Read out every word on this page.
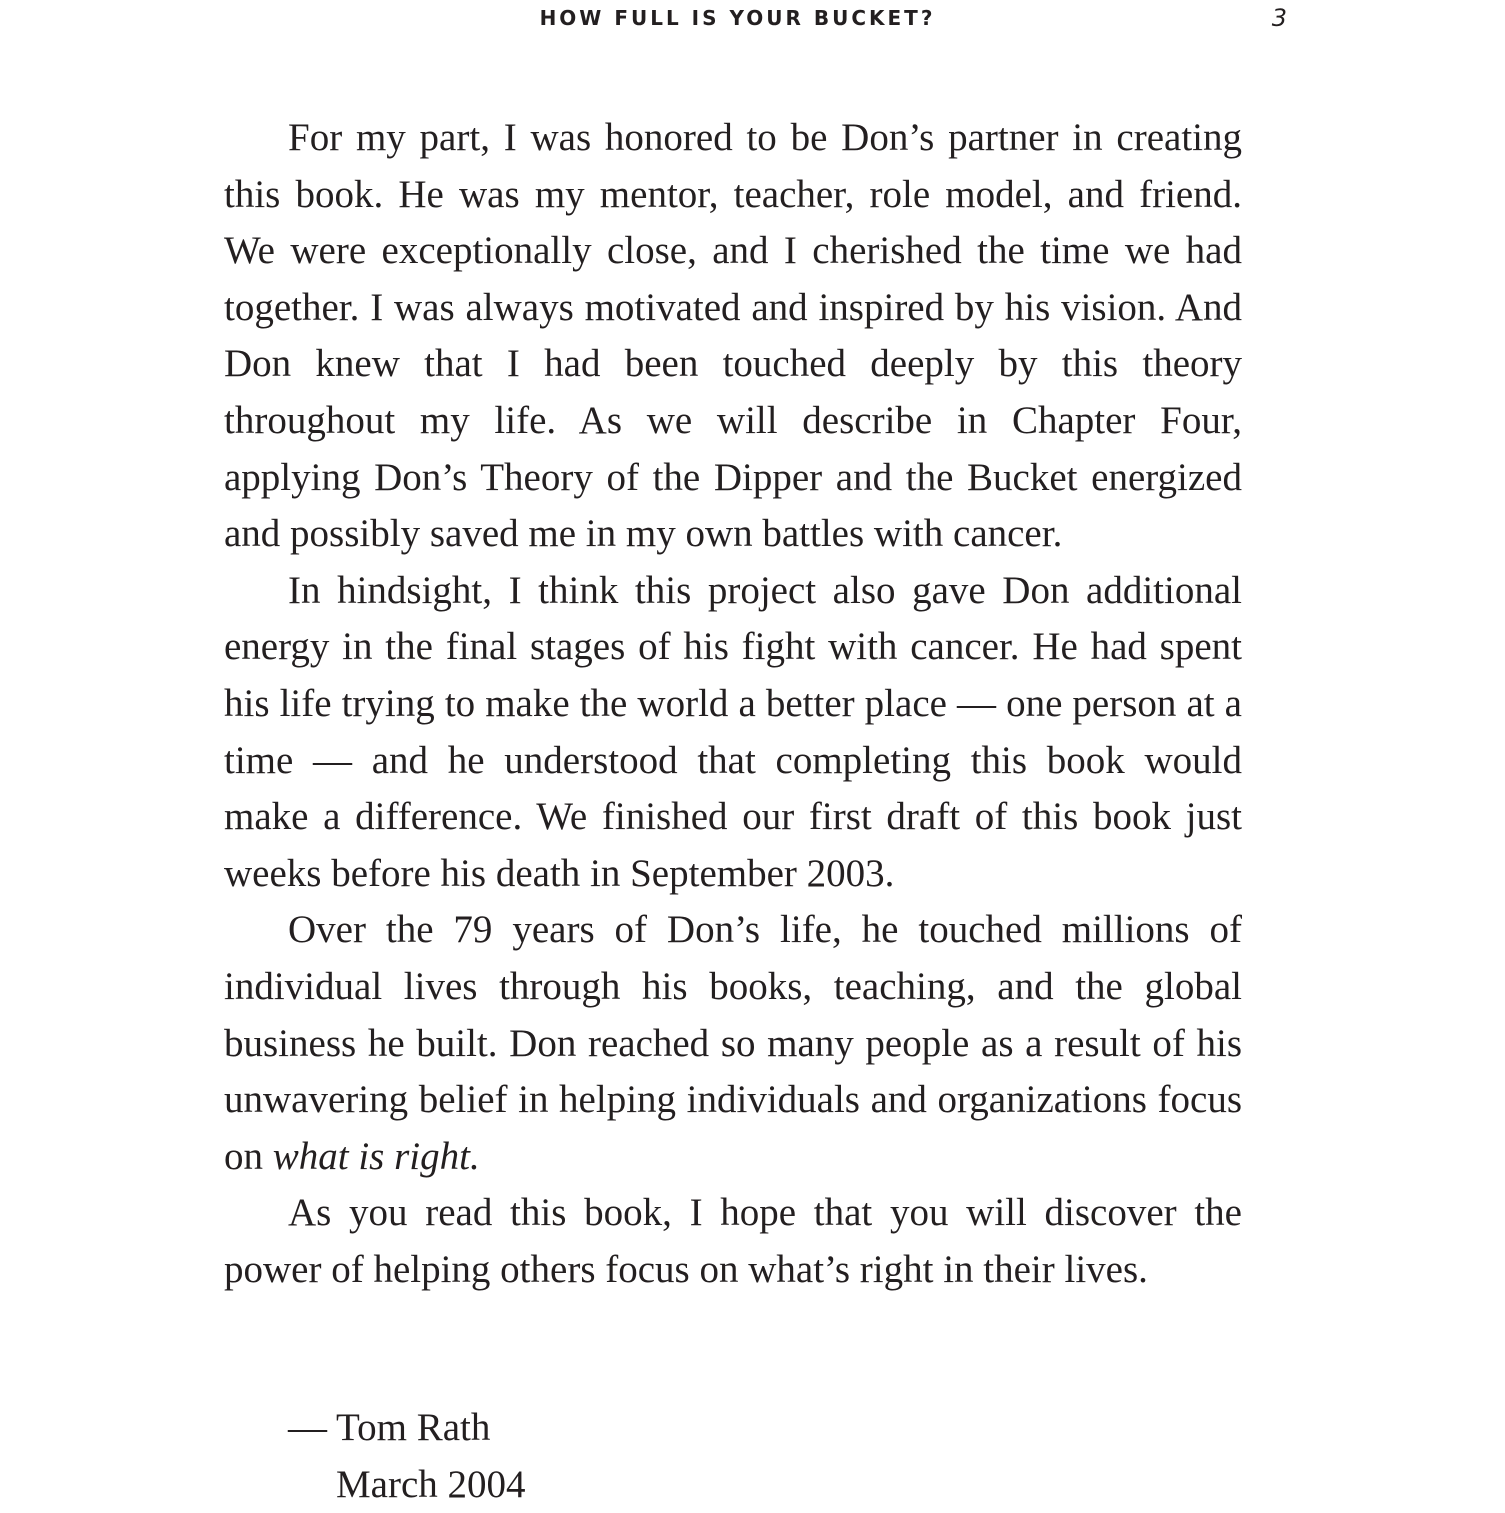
HOW FULL IS YOUR BUCKET?	3

For my part, I was honored to be Don’s partner in creating this book. He was my mentor, teacher, role model, and friend. We were exceptionally close, and I cherished the time we had together. I was always motivated and inspired by his vision. And Don knew that I had been touched deeply by this theory throughout my life. As we will describe in Chapter Four, applying Don’s Theory of the Dipper and the Bucket energized and possibly saved me in my own battles with cancer.

In hindsight, I think this project also gave Don additional energy in the final stages of his fight with cancer. He had spent his life trying to make the world a better place — one person at a time — and he understood that completing this book would make a difference. We finished our first draft of this book just weeks before his death in September 2003.

Over the 79 years of Don’s life, he touched millions of individual lives through his books, teaching, and the global business he built. Don reached so many people as a result of his unwavering belief in helping individuals and organizations focus on what is right.

As you read this book, I hope that you will discover the power of helping others focus on what’s right in their lives.

— Tom Rath
March 2004
